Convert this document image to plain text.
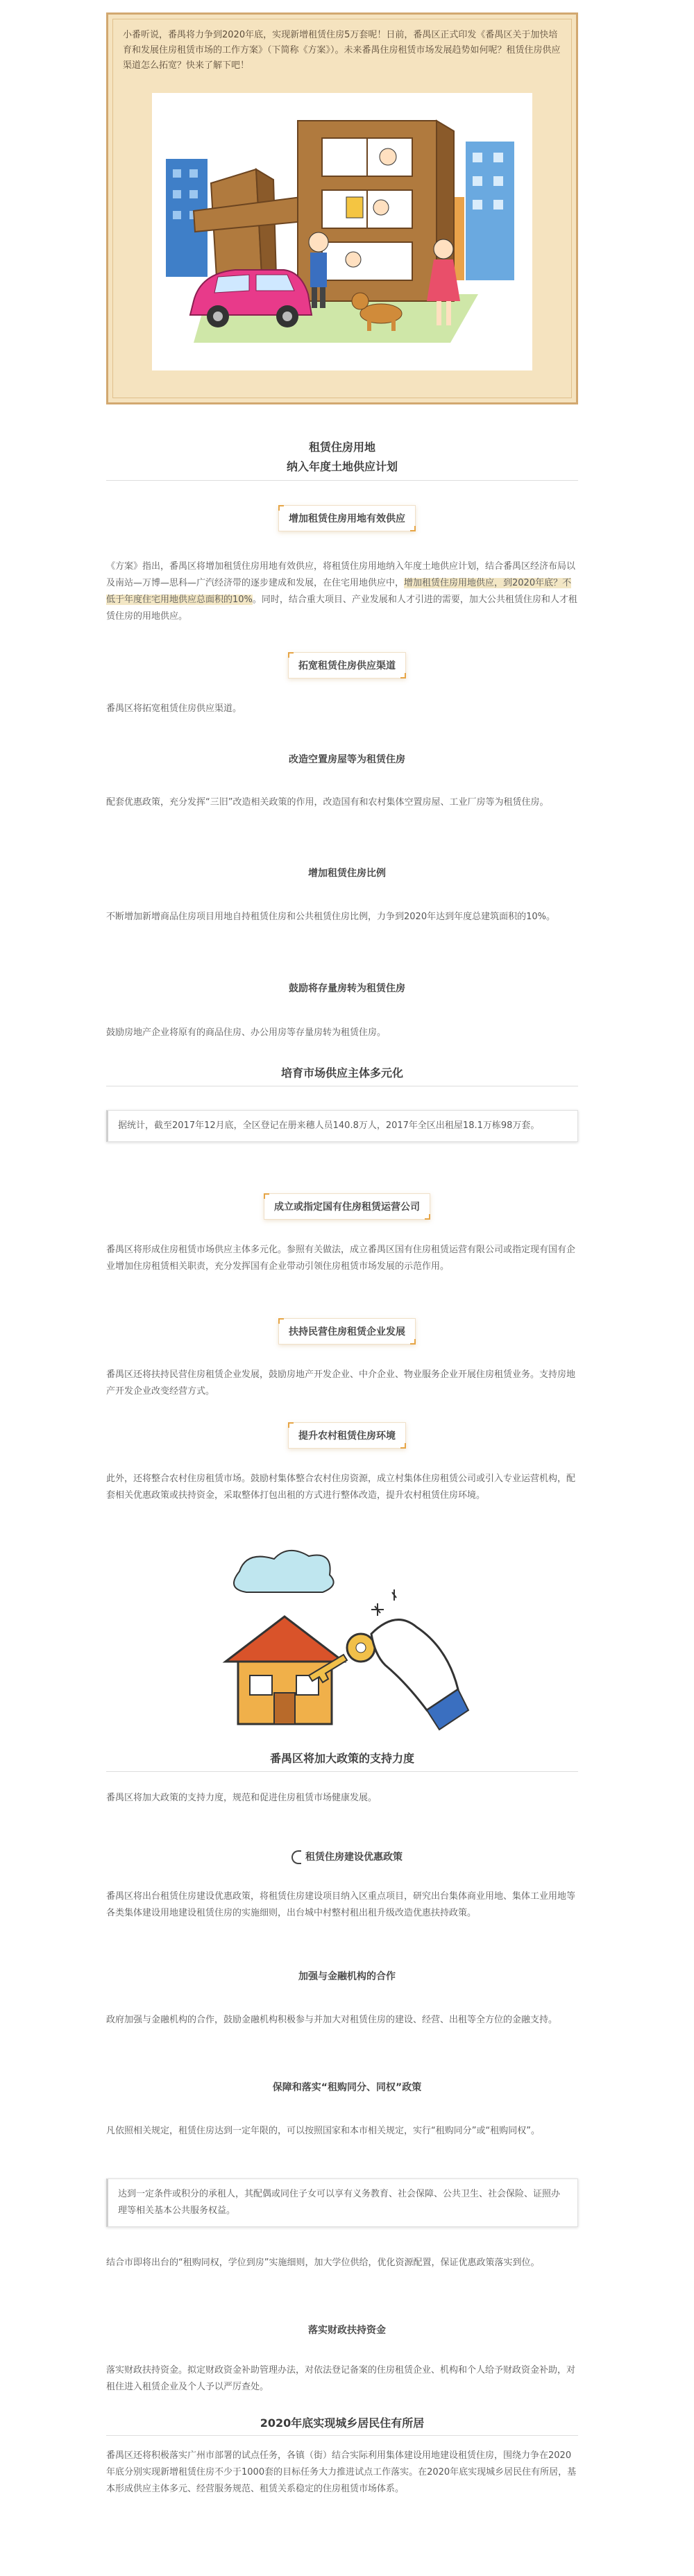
小番听说，番禺将力争到2020年底，实现新增租赁住房5万套呢！日前，番禺区正式印发《番禺区关于加快培育和发展住房租赁市场的工作方案》（下简称《方案》）。未来番禺住房租赁市场发展趋势如何呢？租赁住房供应渠道怎么拓宽？快来了解下吧！

租
租赁住房用地
纳入年度土地供应计划
增加租赁住房用地有效供应
《方案》指出，番禺区将增加租赁住房用地有效供应，将租赁住房用地纳入年度土地供应计划，结合番禺区经济布局以及南站—万博—思科—广汽经济带的逐步建成和发展，在住宅用地供应中，增加租赁住房用地供应，到2020年底？不低于年度住宅用地供应总面积的10%。同时，结合重大项目、产业发展和人才引进的需要，加大公共租赁住房和人才租赁住房的用地供应。
拓宽租赁住房供应渠道
番禺区将拓宽租赁住房供应渠道。
改造空置房屋等为租赁住房
配套优惠政策，充分发挥“三旧”改造相关政策的作用，改造国有和农村集体空置房屋、工业厂房等为租赁住房。
增加租赁住房比例
不断增加新增商品住房项目用地自持租赁住房和公共租赁住房比例，力争到2020年达到年度总建筑面积的10%。
鼓励将存量房转为租赁住房
鼓励房地产企业将原有的商品住房、办公用房等存量房转为租赁住房。
培育市场供应主体多元化
据统计，截至2017年12月底，全区登记在册来穗人员140.8万人，2017年全区出租屋18.1万栋98万套。
成立或指定国有住房租赁运营公司
番禺区将形成住房租赁市场供应主体多元化。参照有关做法，成立番禺区国有住房租赁运营有限公司或指定现有国有企业增加住房租赁相关职责，充分发挥国有企业带动引领住房租赁市场发展的示范作用。
扶持民营住房租赁企业发展
番禺区还将扶持民营住房租赁企业发展，鼓励房地产开发企业、中介企业、物业服务企业开展住房租赁业务。支持房地产开发企业改变经营方式。
提升农村租赁住房环境
此外，还将整合农村住房租赁市场。鼓励村集体整合农村住房资源，成立村集体住房租赁公司或引入专业运营机构，配套相关优惠政策或扶持资金，采取整体打包出租的方式进行整体改造，提升农村租赁住房环境。
番禺区将加大政策的支持力度
番禺区将加大政策的支持力度，规范和促进住房租赁市场健康发展。
租赁住房建设优惠政策
番禺区将出台租赁住房建设优惠政策，将租赁住房建设项目纳入区重点项目，研究出台集体商业用地、集体工业用地等各类集体建设用地建设租赁住房的实施细则，出台城中村整村租出租升级改造优惠扶持政策。
加强与金融机构的合作
政府加强与金融机构的合作，鼓励金融机构积极参与并加大对租赁住房的建设、经营、出租等全方位的金融支持。
保障和落实“租购同分、同权”政策
凡依照相关规定，租赁住房达到一定年限的，可以按照国家和本市相关规定，实行“租购同分”或“租购同权”。
达到一定条件或积分的承租人，其配偶或同住子女可以享有义务教育、社会保障、公共卫生、社会保险、证照办理等相关基本公共服务权益。
结合市即将出台的“租购同权，学位到房”实施细则，加大学位供给，优化资源配置，保证优惠政策落实到位。
落实财政扶持资金
落实财政扶持资金。拟定财政资金补助管理办法，对依法登记备案的住房租赁企业、机构和个人给予财政资金补助，对租住进入租赁企业及个人予以严厉查处。
2020年底实现城乡居民住有所居
番禺区还将积极落实广州市部署的试点任务，各镇（街）结合实际利用集体建设用地建设租赁住房，围绕力争在2020年底分别实现新增租赁住房不少于1000套的目标任务大力推进试点工作落实。在2020年底实现城乡居民住有所居，基本形成供应主体多元、经营服务规范、租赁关系稳定的住房租赁市场体系。
